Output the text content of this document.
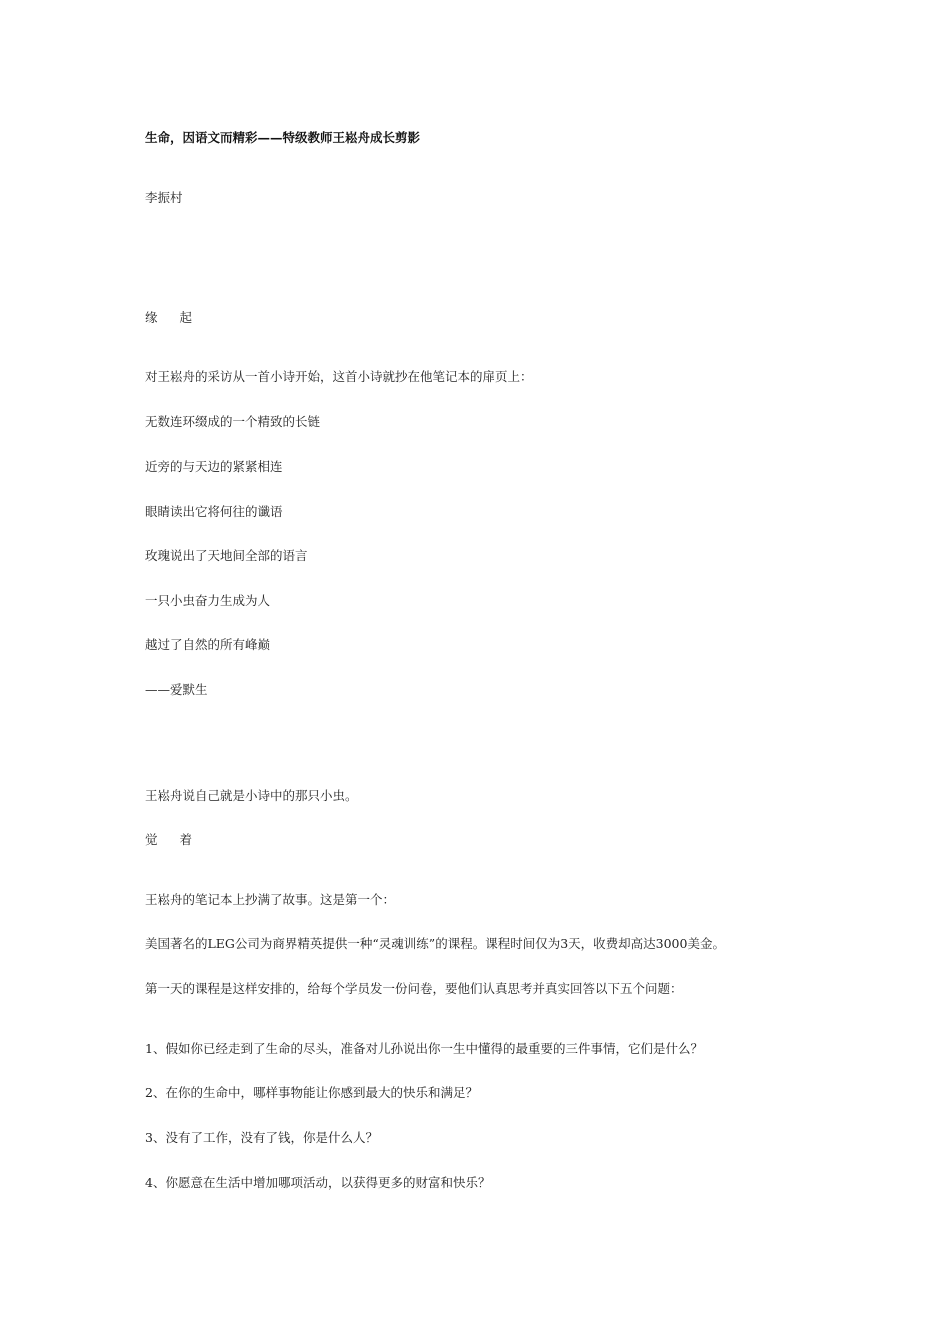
生命，因语文而精彩——特级教师王崧舟成长剪影
李振村
缘 起
对王崧舟的采访从一首小诗开始，这首小诗就抄在他笔记本的扉页上：
无数连环缀成的一个精致的长链
近旁的与天边的紧紧相连
眼睛读出它将何往的谶语
玫瑰说出了天地间全部的语言
一只小虫奋力生成为人
越过了自然的所有峰巅
——爱默生
王崧舟说自己就是小诗中的那只小虫。
觉 着
王崧舟的笔记本上抄满了故事。这是第一个：
美国著名的LEG公司为商界精英提供一种“灵魂训练”的课程。课程时间仅为3天，收费却高达3000美金。
第一天的课程是这样安排的，给每个学员发一份问卷，要他们认真思考并真实回答以下五个问题：
1、假如你已经走到了生命的尽头，准备对儿孙说出你一生中懂得的最重要的三件事情，它们是什么？
2、在你的生命中，哪样事物能让你感到最大的快乐和满足？
3、没有了工作，没有了钱，你是什么人？
4、你愿意在生活中增加哪项活动，以获得更多的财富和快乐？
